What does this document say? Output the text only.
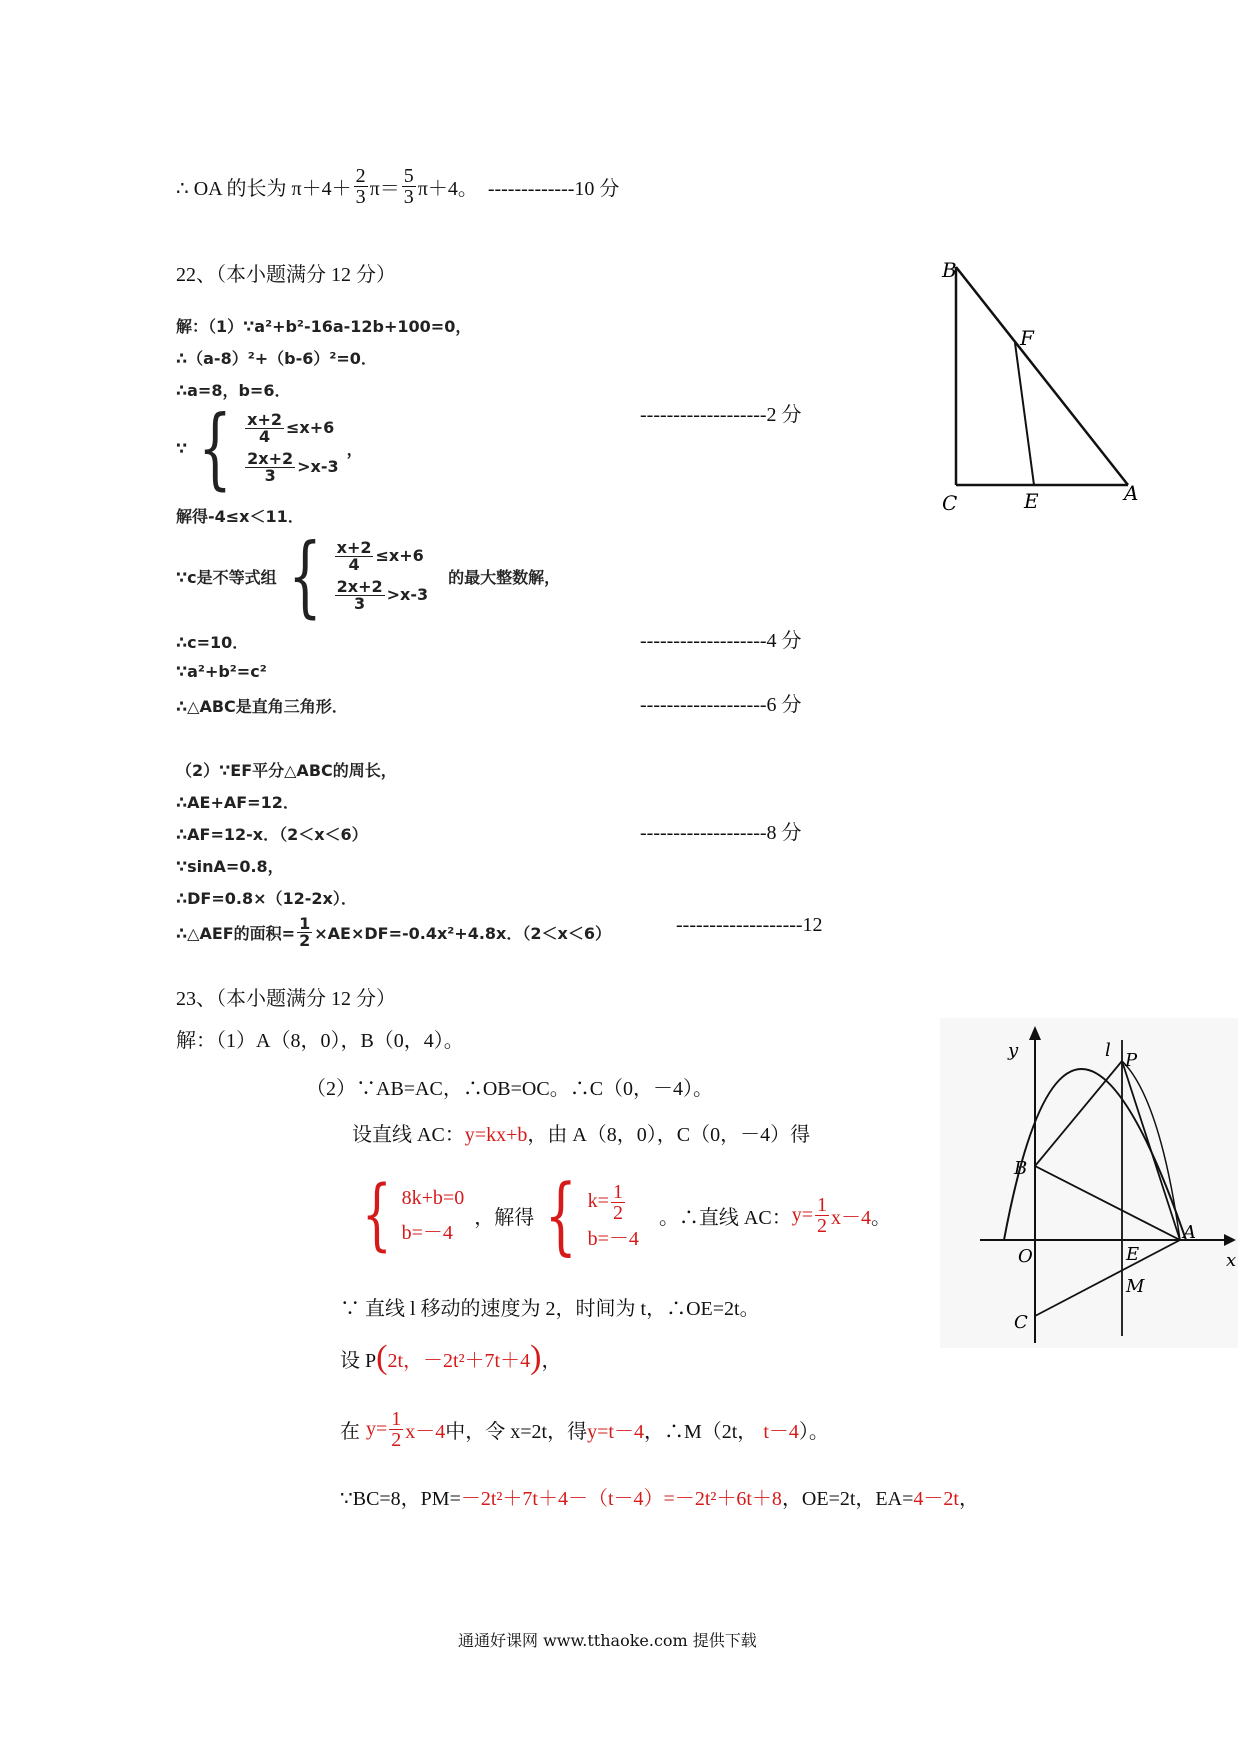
∴ OA 的长为 $\pi+4+ \frac{2}{3} \pi= \frac{5}{3} \pi+4$。 -------------10 分
22、（本小题满分 12 分）
解：（1）∵a²+b²-16a-12b+100=0，
∴（a-8）²+（b-6）²=0．
∴a=8，b=6．
∵ { $\frac{x+2}{4} \le x+6$
$\frac{2x+2}{3} >x-3$
，
-------------------2 分
解得-4≤x＜11．
∵c是不等式组 { $\frac{x+2}{4} \le x+6$
$\frac{2x+2}{3} >x-3$
的最大整数解，
∴c=10．	-------------------4 分
∵a²+b²=c²
∴△ABC是直角三角形．	-------------------6 分
（2）∵EF平分△ABC的周长，
∴AE+AF=12．
∴AF=12-x．（2＜x＜6）	-------------------8 分
∵sinA=0.8，
∴DF=0.8×（12-2x）．
∴△AEF的面积= $\frac{1}{2} \times AE\times DF=-0.4x^2+4.8x$．（2＜x＜6）	-------------------12
B
F
C	E	A
23、（本小题满分 12 分）
解：（1）A（8，0），B（0，4）。
（2）∵AB=AC，∴OB=OC。∴C（0，－4）。
设直线 AC：y=kx+b，由 A（8，0），C（0，－4）得
{ 8k+b=0
b=－4
，解得 { $k= \frac{1}{2}$
b=－4
。∴直线 AC： $y= \frac{1}{2} x-4$ 。
∵ 直线 l 移动的速度为 2，时间为 t，∴OE=2t。
设 P ( 2t，－2t²＋7t＋4 ) ，
在 $y= \frac{1}{2} x-4$ 中，令 x=2t，得 y=t－4 ，∴M（2t， t－4 ）。
∵BC=8，PM=－2t²＋7t＋4－（t－4）=－2t²＋6t＋8，OE=2t，EA=4－2t，
y	l P
B
A
O	E
M
x
C
通通好课网 www.tthaoke.com 提供下载
